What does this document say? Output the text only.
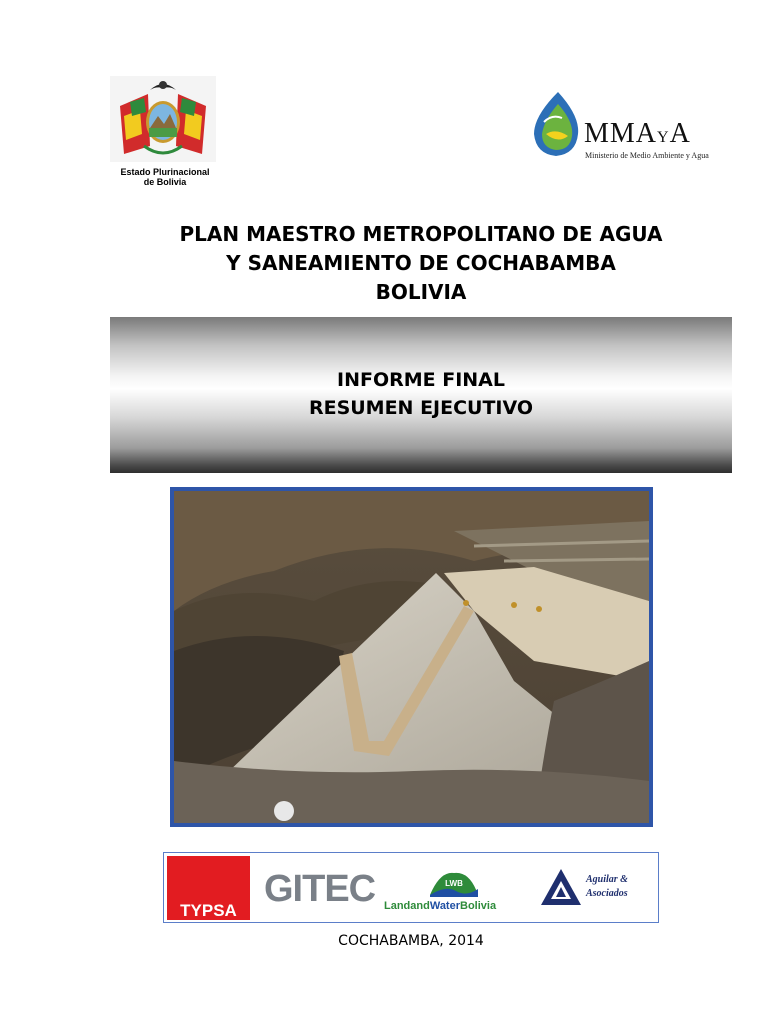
Estado Plurinacional
de Bolivia
MMAYA
Ministerio de Medio Ambiente y Agua
PLAN MAESTRO METROPOLITANO DE AGUA
Y SANEAMIENTO DE COCHABAMBA
BOLIVIA
INFORME FINAL
RESUMEN EJECUTIVO
TYPSA
GITEC	LWB
LandandWaterBolivia
Aguilar &
Asociados
COCHABAMBA, 2014
